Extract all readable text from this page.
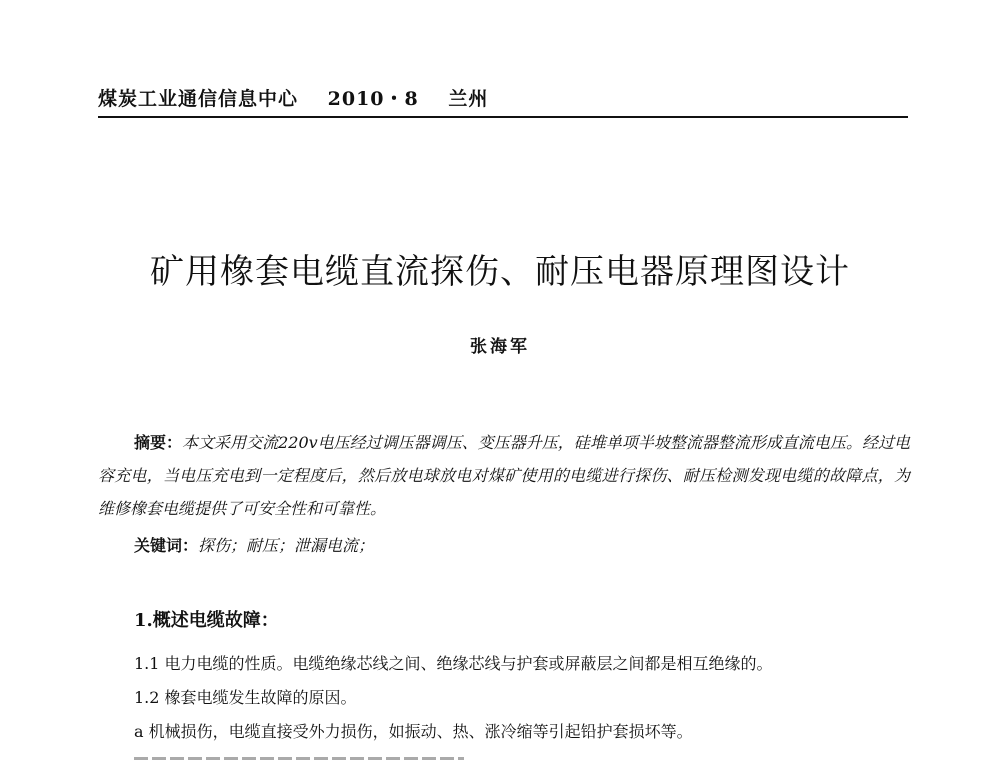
煤炭工业通信信息中心 2010・8 兰州
矿用橡套电缆直流探伤、耐压电器原理图设计
张海军
摘要：本文采用交流220v电压经过调压器调压、变压器升压，硅堆单项半坡整流器整流形成直流电压。经过电容充电，当电压充电到一定程度后，然后放电球放电对煤矿使用的电缆进行探伤、耐压检测发现电缆的故障点，为维修橡套电缆提供了可安全性和可靠性。
关键词：探伤；耐压；泄漏电流；
1.概述电缆故障：
1.1 电力电缆的性质。电缆绝缘芯线之间、绝缘芯线与护套或屏蔽层之间都是相互绝缘的。
1.2 橡套电缆发生故障的原因。
a 机械损伤，电缆直接受外力损伤，如振动、热、涨冷缩等引起铅护套损坏等。
